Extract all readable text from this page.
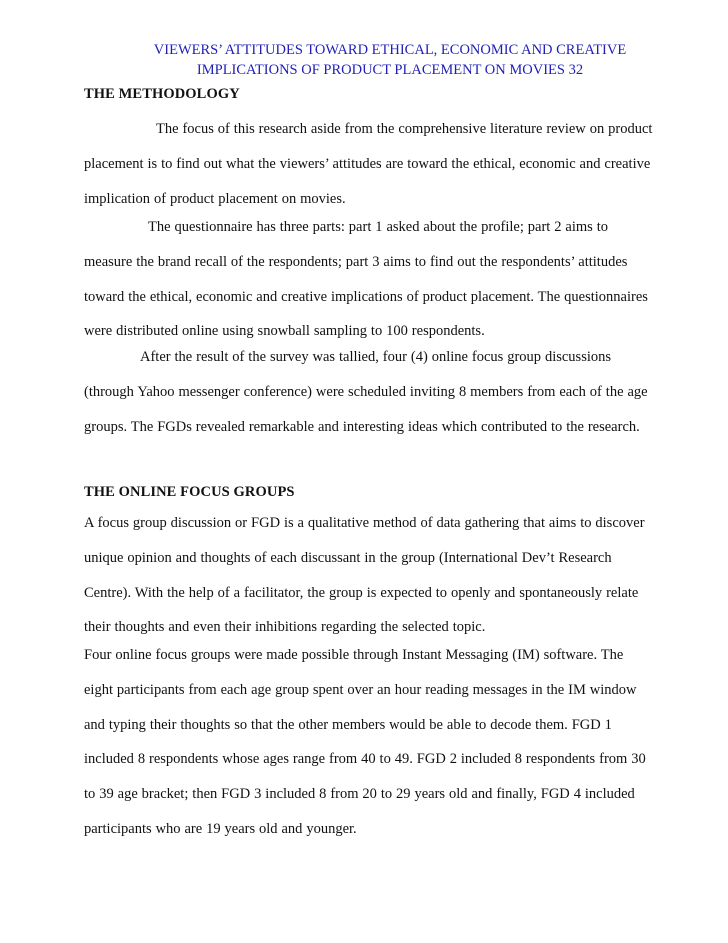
VIEWERS’ ATTITUDES TOWARD ETHICAL, ECONOMIC AND CREATIVE
IMPLICATIONS OF PRODUCT PLACEMENT ON MOVIES 32
THE METHODOLOGY

The focus of this research aside from the comprehensive literature review on product
placement is to find out what the viewers’ attitudes are toward the ethical, economic and creative
implication of product placement on movies.

The questionnaire has three parts: part 1 asked about the profile; part 2 aims to
measure the brand recall of the respondents; part 3 aims to find out the respondents’ attitudes
toward the ethical, economic and creative implications of product placement. The questionnaires
were distributed online using snowball sampling to 100 respondents.

After the result of the survey was tallied, four (4) online focus group discussions
(through Yahoo messenger conference) were scheduled inviting 8 members from each of the age
groups. The FGDs revealed remarkable and interesting ideas which contributed to the research.

THE ONLINE FOCUS GROUPS

A focus group discussion or FGD is a qualitative method of data gathering that aims to discover
unique opinion and thoughts of each discussant in the group (International Dev’t Research
Centre). With the help of a facilitator, the group is expected to openly and spontaneously relate
their thoughts and even their inhibitions regarding the selected topic.

Four online focus groups were made possible through Instant Messaging (IM) software. The
eight participants from each age group spent over an hour reading messages in the IM window
and typing their thoughts so that the other members would be able to decode them. FGD 1
included 8 respondents whose ages range from 40 to 49. FGD 2 included 8 respondents from 30
to 39 age bracket; then FGD 3 included 8 from 20 to 29 years old and finally, FGD 4 included
participants who are 19 years old and younger.
